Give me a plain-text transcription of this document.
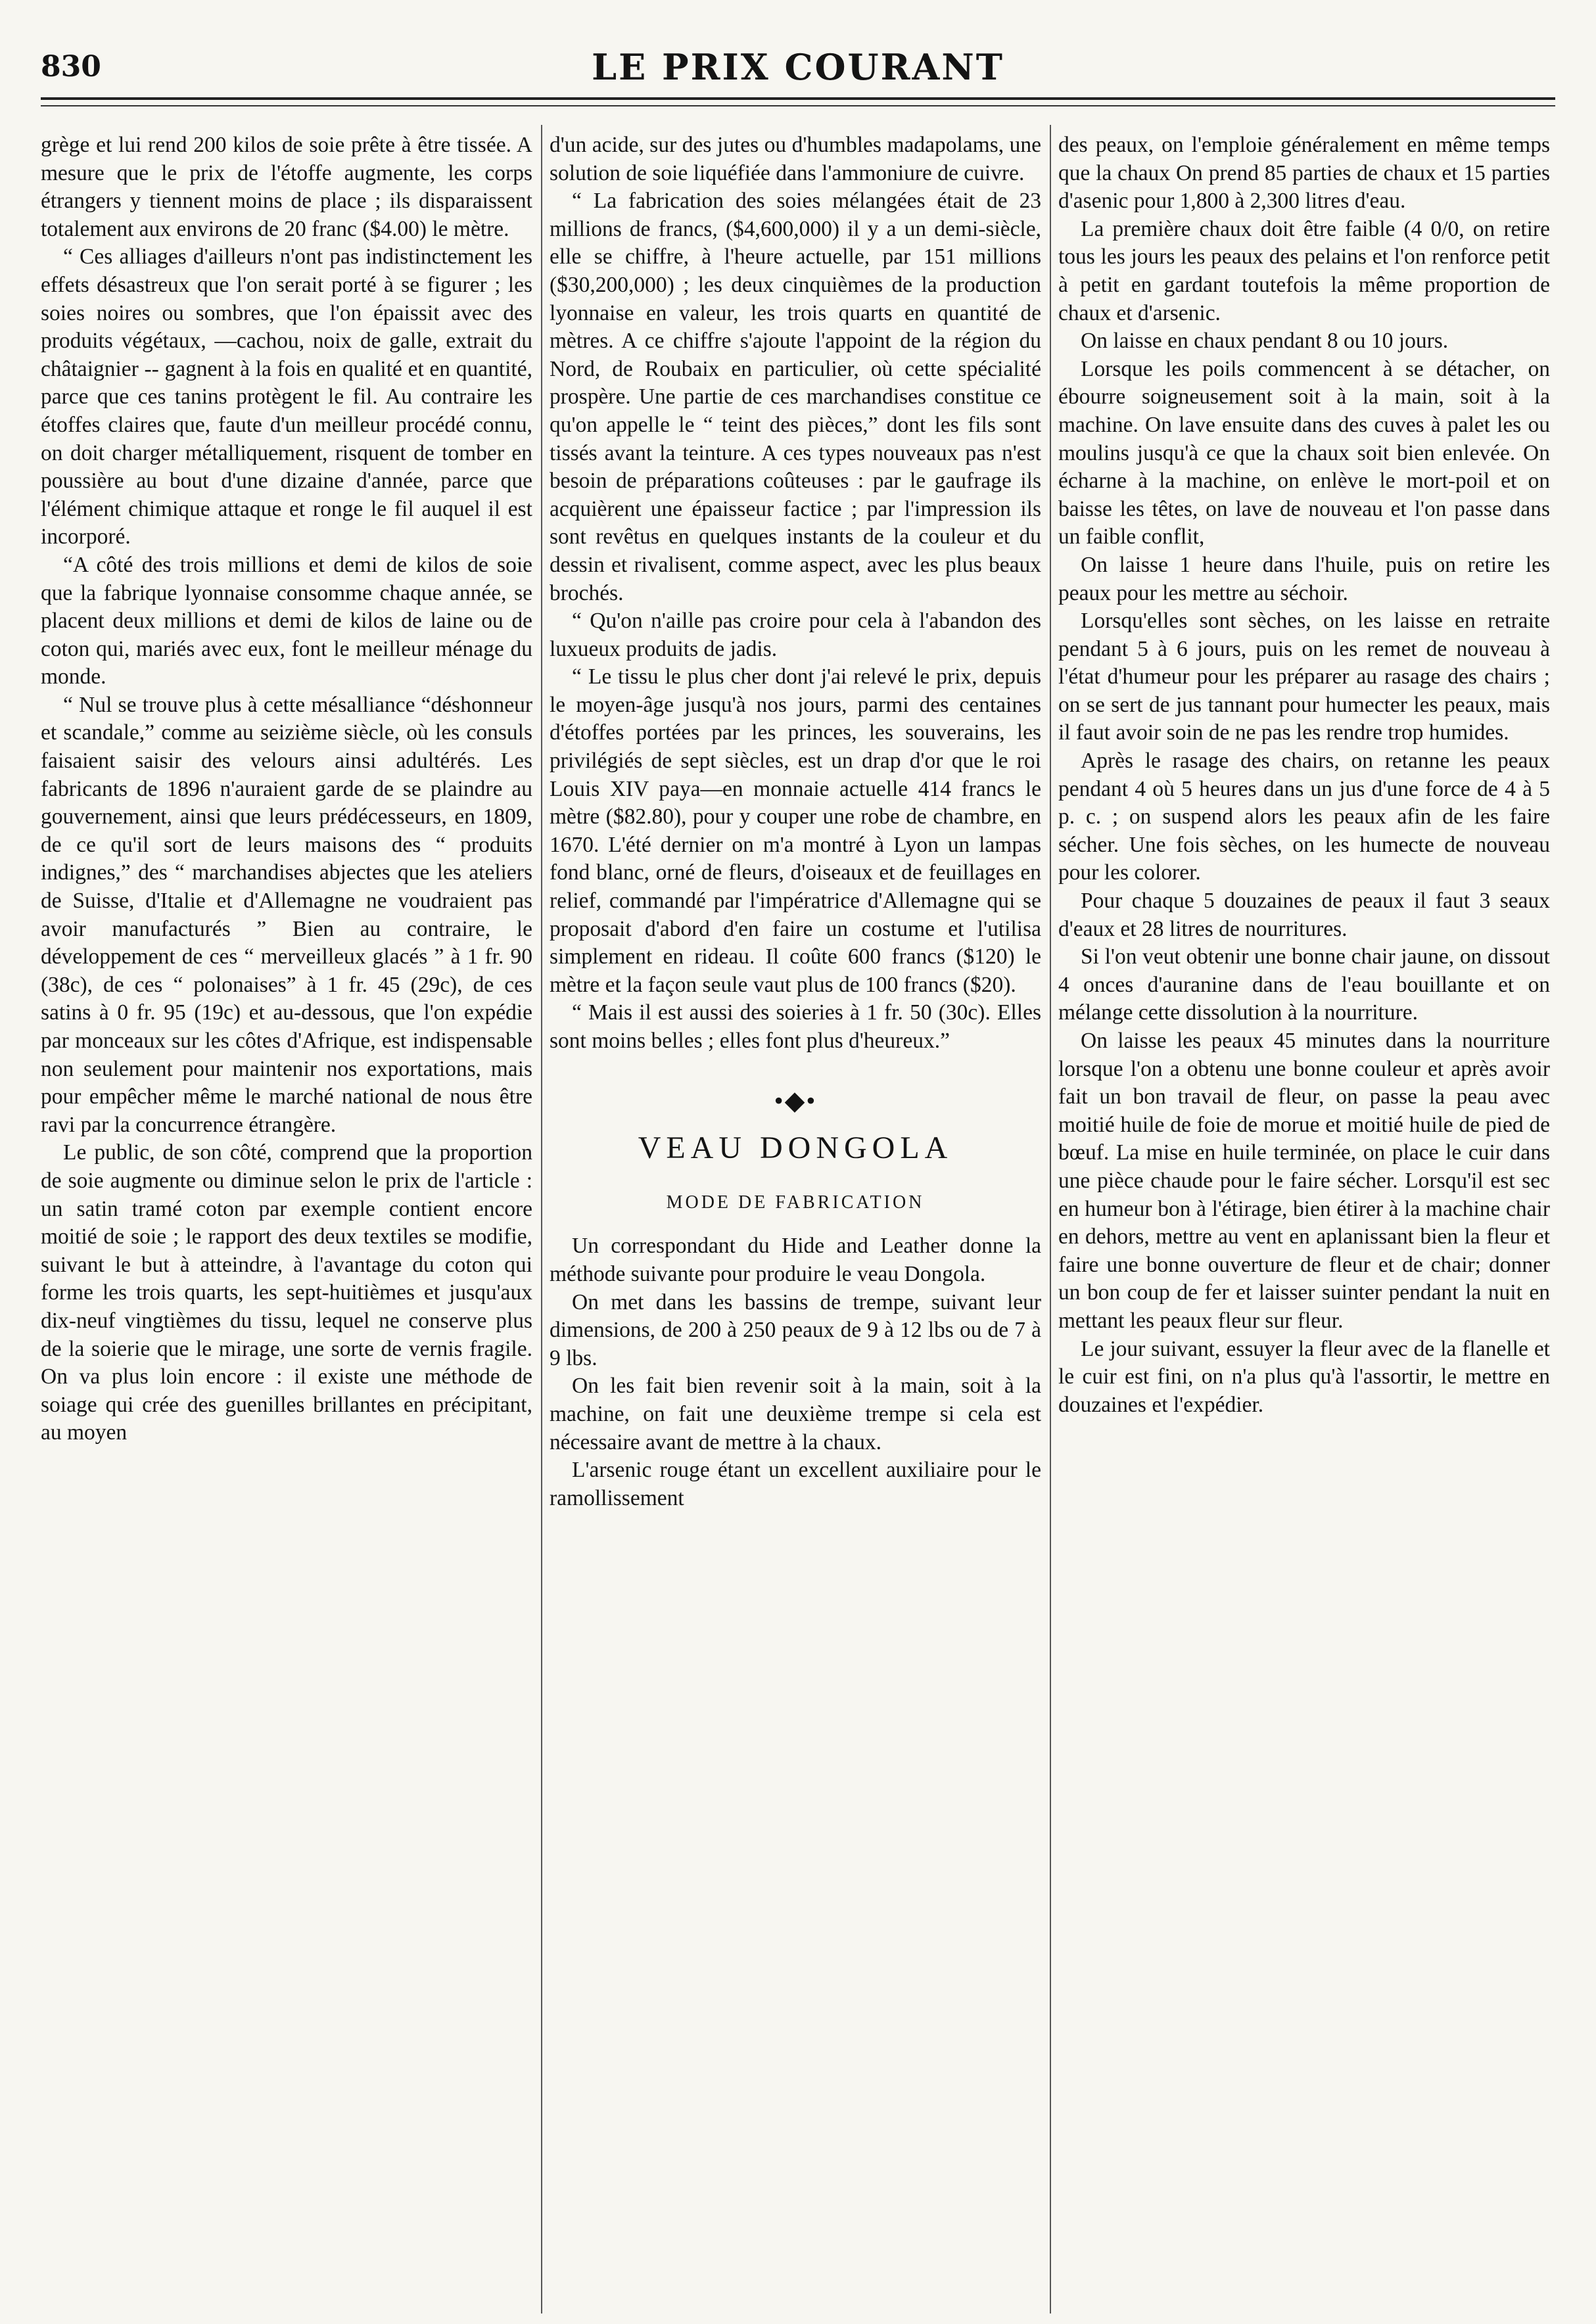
830	LE PRIX COURANT

grège et lui rend 200 kilos de soie prête à être tissée. A mesure que le prix de l'étoffe augmente, les corps étrangers y tiennent moins de place ; ils disparaissent totalement aux environs de 20 franc ($4.00) le mètre.

“ Ces alliages d'ailleurs n'ont pas indistinctement les effets désastreux que l'on serait porté à se figurer ; les soies noires ou sombres, que l'on épaissit avec des produits végétaux, —cachou, noix de galle, extrait du châtaignier -- gagnent à la fois en qualité et en quantité, parce que ces tanins protègent le fil. Au contraire les étoffes claires que, faute d'un meilleur procédé connu, on doit charger métalliquement, risquent de tomber en poussière au bout d'une dizaine d'année, parce que l'élément chimique attaque et ronge le fil auquel il est incorporé.

“A côté des trois millions et demi de kilos de soie que la fabrique lyonnaise consomme chaque année, se placent deux millions et demi de kilos de laine ou de coton qui, mariés avec eux, font le meilleur ménage du monde.

“ Nul se trouve plus à cette mésalliance “déshonneur et scandale,” comme au seizième siècle, où les consuls faisaient saisir des velours ainsi adultérés. Les fabricants de 1896 n'auraient garde de se plaindre au gouvernement, ainsi que leurs prédécesseurs, en 1809, de ce qu'il sort de leurs maisons des “ produits indignes,” des “ marchandises abjectes que les ateliers de Suisse, d'Italie et d'Allemagne ne voudraient pas avoir manufacturés ” Bien au contraire, le développement de ces “ merveilleux glacés ” à 1 fr. 90 (38c), de ces “ polonaises” à 1 fr. 45 (29c), de ces satins à 0 fr. 95 (19c) et au-dessous, que l'on expédie par monceaux sur les côtes d'Afrique, est indispensable non seulement pour maintenir nos exportations, mais pour empêcher même le marché national de nous être ravi par la concurrence étrangère.

Le public, de son côté, comprend que la proportion de soie augmente ou diminue selon le prix de l'article : un satin tramé coton par exemple contient encore moitié de soie ; le rapport des deux textiles se modifie, suivant le but à atteindre, à l'avantage du coton qui forme les trois quarts, les sept-huitièmes et jusqu'aux dix-neuf vingtièmes du tissu, lequel ne conserve plus de la soierie que le mirage, une sorte de vernis fragile. On va plus loin encore : il existe une méthode de soiage qui crée des guenilles brillantes en précipitant, au moyen

d'un acide, sur des jutes ou d'humbles madapolams, une solution de soie liquéfiée dans l'ammoniure de cuivre.

“ La fabrication des soies mélangées était de 23 millions de francs, ($4,600,000) il y a un demi-siècle, elle se chiffre, à l'heure actuelle, par 151 millions ($30,200,000) ; les deux cinquièmes de la production lyonnaise en valeur, les trois quarts en quantité de mètres. A ce chiffre s'ajoute l'appoint de la région du Nord, de Roubaix en particulier, où cette spécialité prospère. Une partie de ces marchandises constitue ce qu'on appelle le “ teint des pièces,” dont les fils sont tissés avant la teinture. A ces types nouveaux pas n'est besoin de préparations coûteuses : par le gaufrage ils acquièrent une épaisseur factice ; par l'impression ils sont revêtus en quelques instants de la couleur et du dessin et rivalisent, comme aspect, avec les plus beaux brochés.

“ Qu'on n'aille pas croire pour cela à l'abandon des luxueux produits de jadis.

“ Le tissu le plus cher dont j'ai relevé le prix, depuis le moyen-âge jusqu'à nos jours, parmi des centaines d'étoffes portées par les princes, les souverains, les privilégiés de sept siècles, est un drap d'or que le roi Louis XIV paya—en monnaie actuelle 414 francs le mètre ($82.80), pour y couper une robe de chambre, en 1670. L'été dernier on m'a montré à Lyon un lampas fond blanc, orné de fleurs, d'oiseaux et de feuillages en relief, commandé par l'impératrice d'Allemagne qui se proposait d'abord d'en faire un costume et l'utilisa simplement en rideau. Il coûte 600 francs ($120) le mètre et la façon seule vaut plus de 100 francs ($20).

“ Mais il est aussi des soieries à 1 fr. 50 (30c). Elles sont moins belles ; elles font plus d'heureux.”

•◆•
VEAU DONGOLA
MODE DE FABRICATION

Un correspondant du Hide and Leather donne la méthode suivante pour produire le veau Dongola.

On met dans les bassins de trempe, suivant leur dimensions, de 200 à 250 peaux de 9 à 12 lbs ou de 7 à 9 lbs.

On les fait bien revenir soit à la main, soit à la machine, on fait une deuxième trempe si cela est nécessaire avant de mettre à la chaux.

L'arsenic rouge étant un excellent auxiliaire pour le ramollissement

des peaux, on l'emploie généralement en même temps que la chaux On prend 85 parties de chaux et 15 parties d'asenic pour 1,800 à 2,300 litres d'eau.

La première chaux doit être faible (4 0/0, on retire tous les jours les peaux des pelains et l'on renforce petit à petit en gardant toutefois la même proportion de chaux et d'arsenic.

On laisse en chaux pendant 8 ou 10 jours.

Lorsque les poils commencent à se détacher, on ébourre soigneusement soit à la main, soit à la machine. On lave ensuite dans des cuves à palet les ou moulins jusqu'à ce que la chaux soit bien enlevée. On écharne à la machine, on enlève le mort-poil et on baisse les têtes, on lave de nouveau et l'on passe dans un faible conflit,

On laisse 1 heure dans l'huile, puis on retire les peaux pour les mettre au séchoir.

Lorsqu'elles sont sèches, on les laisse en retraite pendant 5 à 6 jours, puis on les remet de nouveau à l'état d'humeur pour les préparer au rasage des chairs ; on se sert de jus tannant pour humecter les peaux, mais il faut avoir soin de ne pas les rendre trop humides.

Après le rasage des chairs, on retanne les peaux pendant 4 où 5 heures dans un jus d'une force de 4 à 5 p. c. ; on suspend alors les peaux afin de les faire sécher. Une fois sèches, on les humecte de nouveau pour les colorer.

Pour chaque 5 douzaines de peaux il faut 3 seaux d'eaux et 28 litres de nourritures.

Si l'on veut obtenir une bonne chair jaune, on dissout 4 onces d'auranine dans de l'eau bouillante et on mélange cette dissolution à la nourriture.

On laisse les peaux 45 minutes dans la nourriture lorsque l'on a obtenu une bonne couleur et après avoir fait un bon travail de fleur, on passe la peau avec moitié huile de foie de morue et moitié huile de pied de bœuf. La mise en huile terminée, on place le cuir dans une pièce chaude pour le faire sécher. Lorsqu'il est sec en humeur bon à l'étirage, bien étirer à la machine chair en dehors, mettre au vent en aplanissant bien la fleur et faire une bonne ouverture de fleur et de chair; donner un bon coup de fer et laisser suinter pendant la nuit en mettant les peaux fleur sur fleur.

Le jour suivant, essuyer la fleur avec de la flanelle et le cuir est fini, on n'a plus qu'à l'assortir, le mettre en douzaines et l'expédier.
